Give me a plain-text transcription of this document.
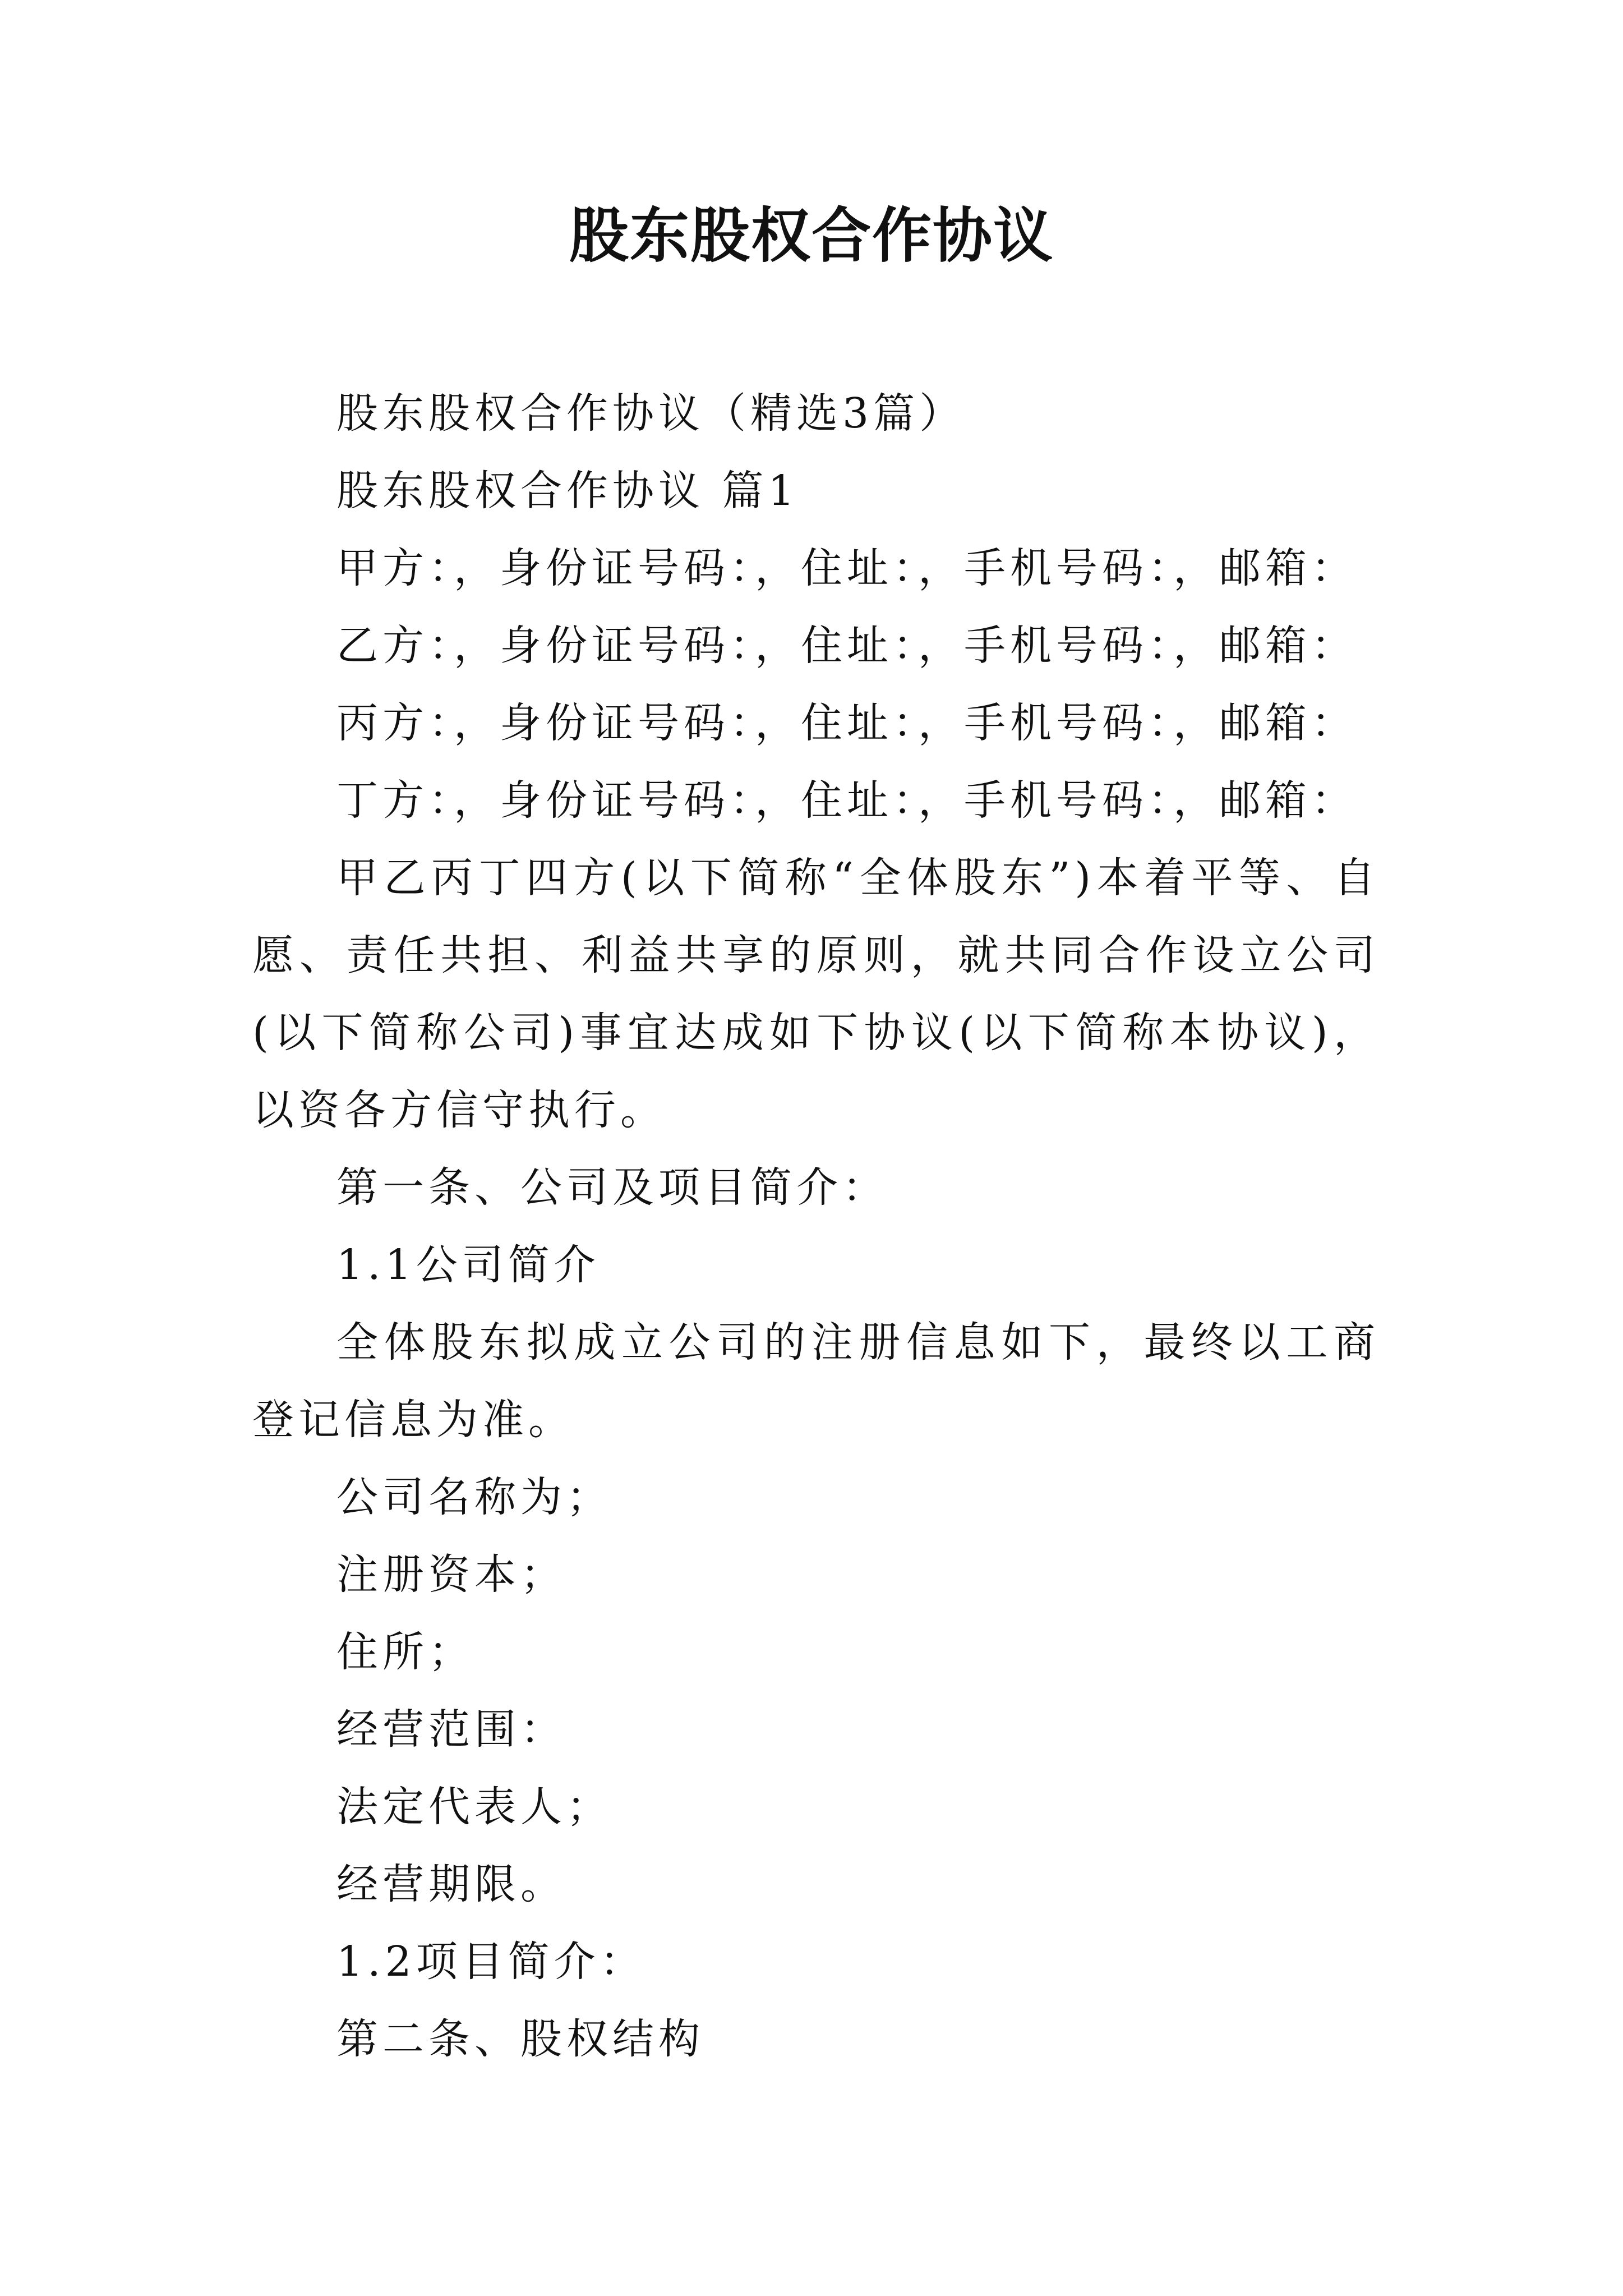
股东股权合作协议

股东股权合作协议（精选3篇）

股东股权合作协议 篇1

甲方：，身份证号码：，住址：，手机号码：，邮箱：

乙方：，身份证号码：，住址：，手机号码：，邮箱：

丙方：，身份证号码：，住址：，手机号码：，邮箱：

丁方：，身份证号码：，住址：，手机号码：，邮箱：

甲乙丙丁四方(以下简称“全体股东”)本着平等、自愿、责任共担、利益共享的原则，就共同合作设立公司(以下简称公司)事宜达成如下协议(以下简称本协议)，以资各方信守执行。

第一条、公司及项目简介：

1.1公司简介

全体股东拟成立公司的注册信息如下，最终以工商登记信息为准。

公司名称为；

注册资本；

住所；

经营范围：

法定代表人；

经营期限。

1.2项目简介：

第二条、股权结构
